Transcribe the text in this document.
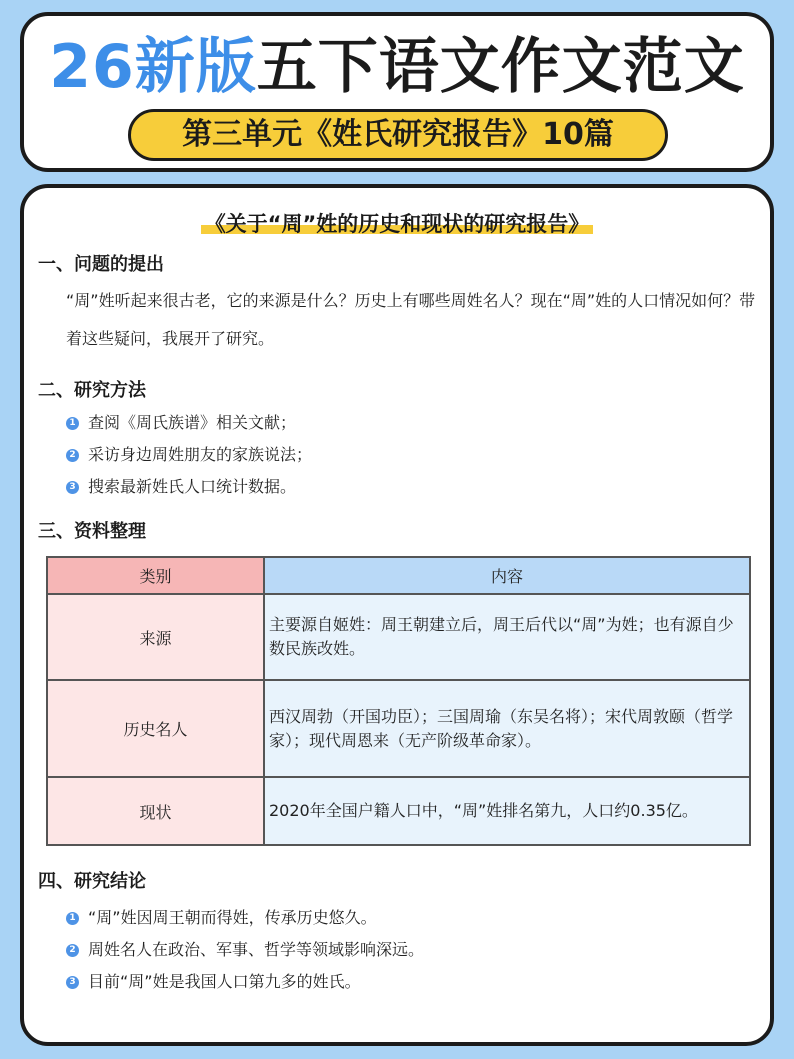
26新版五下语文作文范文
第三单元《姓氏研究报告》10篇
《关于“周”姓的历史和现状的研究报告》
一、问题的提出
“周”姓听起来很古老，它的来源是什么？历史上有哪些周姓名人？现在“周”姓的人口情况如何？带着这些疑问，我展开了研究。
二、研究方法
1 查阅《周氏族谱》相关文献；
2 采访身边周姓朋友的家族说法；
3 搜索最新姓氏人口统计数据。
三、资料整理
类别	内容
来源	主要源自姬姓：周王朝建立后，周王后代以“周”为姓；也有源自少数民族改姓。
历史名人	西汉周勃（开国功臣）；三国周瑜（东吴名将）；宋代周敦颐（哲学家）；现代周恩来（无产阶级革命家）。
现状	2020年全国户籍人口中，“周”姓排名第九，人口约0.35亿。
四、研究结论
1 “周”姓因周王朝而得姓，传承历史悠久。
2 周姓名人在政治、军事、哲学等领域影响深远。
3 目前“周”姓是我国人口第九多的姓氏。
